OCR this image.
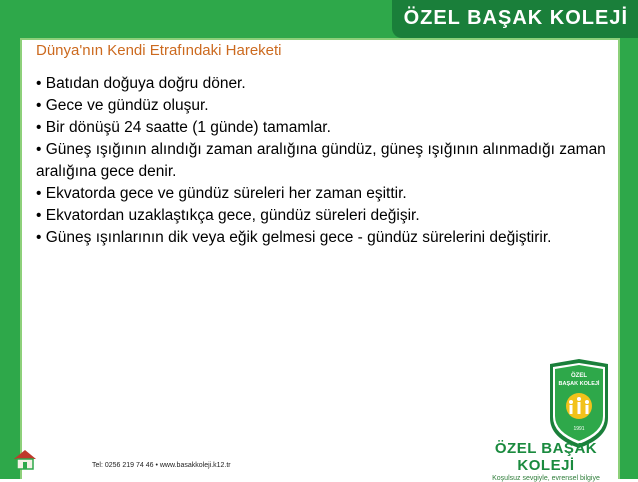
ÖZEL BAŞAK KOLEJİ
Dünya'nın Kendi Etrafındaki Hareketi
• Batıdan doğuya doğru döner.
• Gece ve gündüz oluşur.
• Bir dönüşü 24 saatte (1 günde) tamamlar.
• Güneş ışığının alındığı zaman aralığına gündüz, güneş ışığının alınmadığı zaman aralığına gece denir.
• Ekvatorda gece ve gündüz süreleri her zaman eşittir.
• Ekvatordan uzaklaştıkça gece, gündüz süreleri değişir.
• Güneş ışınlarının dik veya eğik gelmesi gece - gündüz sürelerini değiştirir.
Tel: 0256 219 74 46 • www.basakkoleji.k12.tr
ÖZEL
BAŞAK KOLEJİ
1991
ÖZEL BAŞAK KOLEJİ
Koşulsuz sevgiyle, evrensel bilgiye
